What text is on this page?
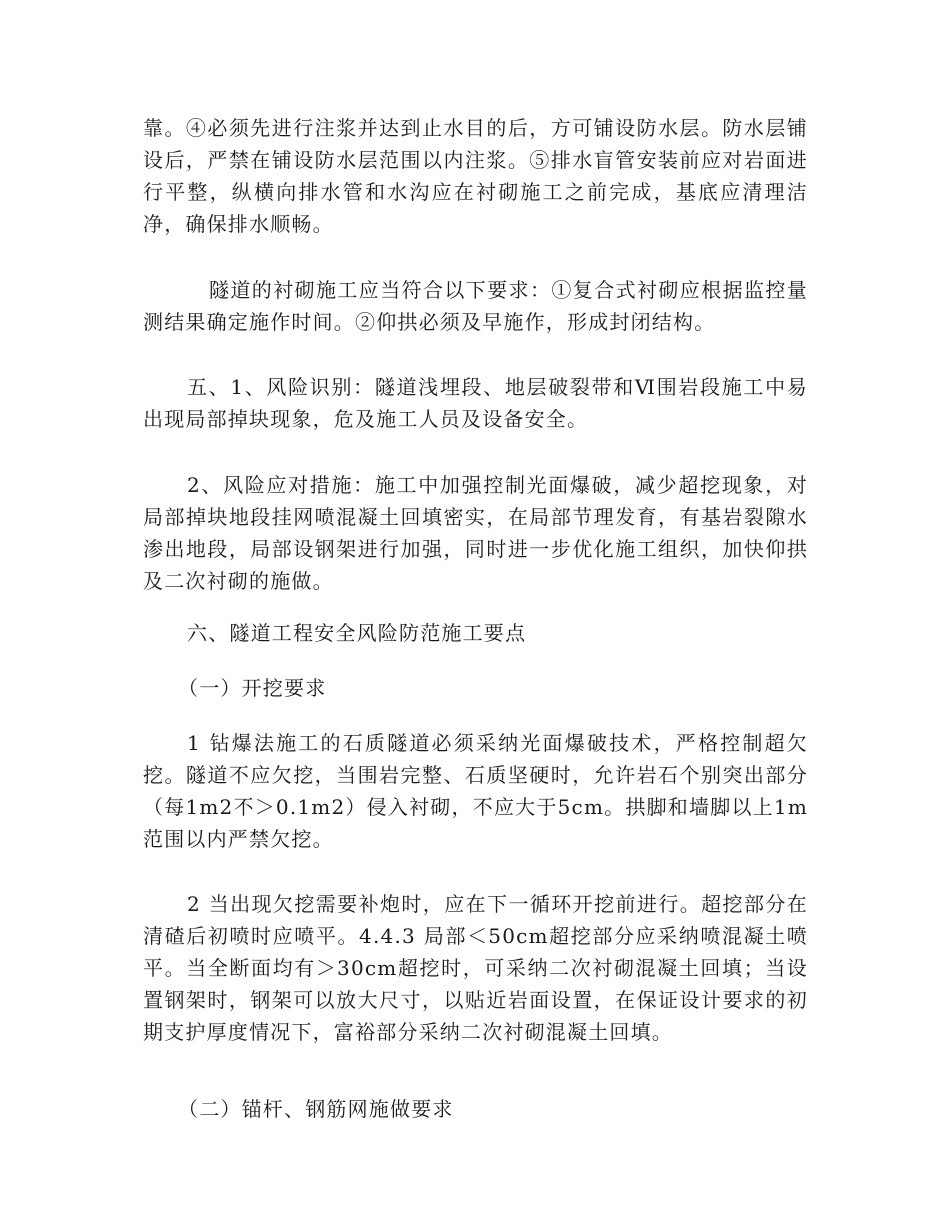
靠。④必须先进行注浆并达到止水目的后，方可铺设防水层。防水层铺设后，严禁在铺设防水层范围以内注浆。⑤排水盲管安装前应对岩面进行平整，纵横向排水管和水沟应在衬砌施工之前完成，基底应清理洁净，确保排水顺畅。

隧道的衬砌施工应当符合以下要求：①复合式衬砌应根据监控量测结果确定施作时间。②仰拱必须及早施作，形成封闭结构。

五、1、风险识别：隧道浅埋段、地层破裂带和Ⅵ围岩段施工中易出现局部掉块现象，危及施工人员及设备安全。

2、风险应对措施：施工中加强控制光面爆破，减少超挖现象，对局部掉块地段挂网喷混凝土回填密实，在局部节理发育，有基岩裂隙水渗出地段，局部设钢架进行加强，同时进一步优化施工组织，加快仰拱及二次衬砌的施做。

六、隧道工程安全风险防范施工要点

（一）开挖要求

1 钻爆法施工的石质隧道必须采纳光面爆破技术，严格控制超欠挖。隧道不应欠挖，当围岩完整、石质坚硬时，允许岩石个别突出部分（每1m2不＞0.1m2）侵入衬砌，不应大于5cm。拱脚和墙脚以上1m范围以内严禁欠挖。

2 当出现欠挖需要补炮时，应在下一循环开挖前进行。超挖部分在清碴后初喷时应喷平。4.4.3 局部＜50cm超挖部分应采纳喷混凝土喷平。当全断面均有＞30cm超挖时，可采纳二次衬砌混凝土回填；当设置钢架时，钢架可以放大尺寸，以贴近岩面设置，在保证设计要求的初期支护厚度情况下，富裕部分采纳二次衬砌混凝土回填。

（二）锚杆、钢筋网施做要求
